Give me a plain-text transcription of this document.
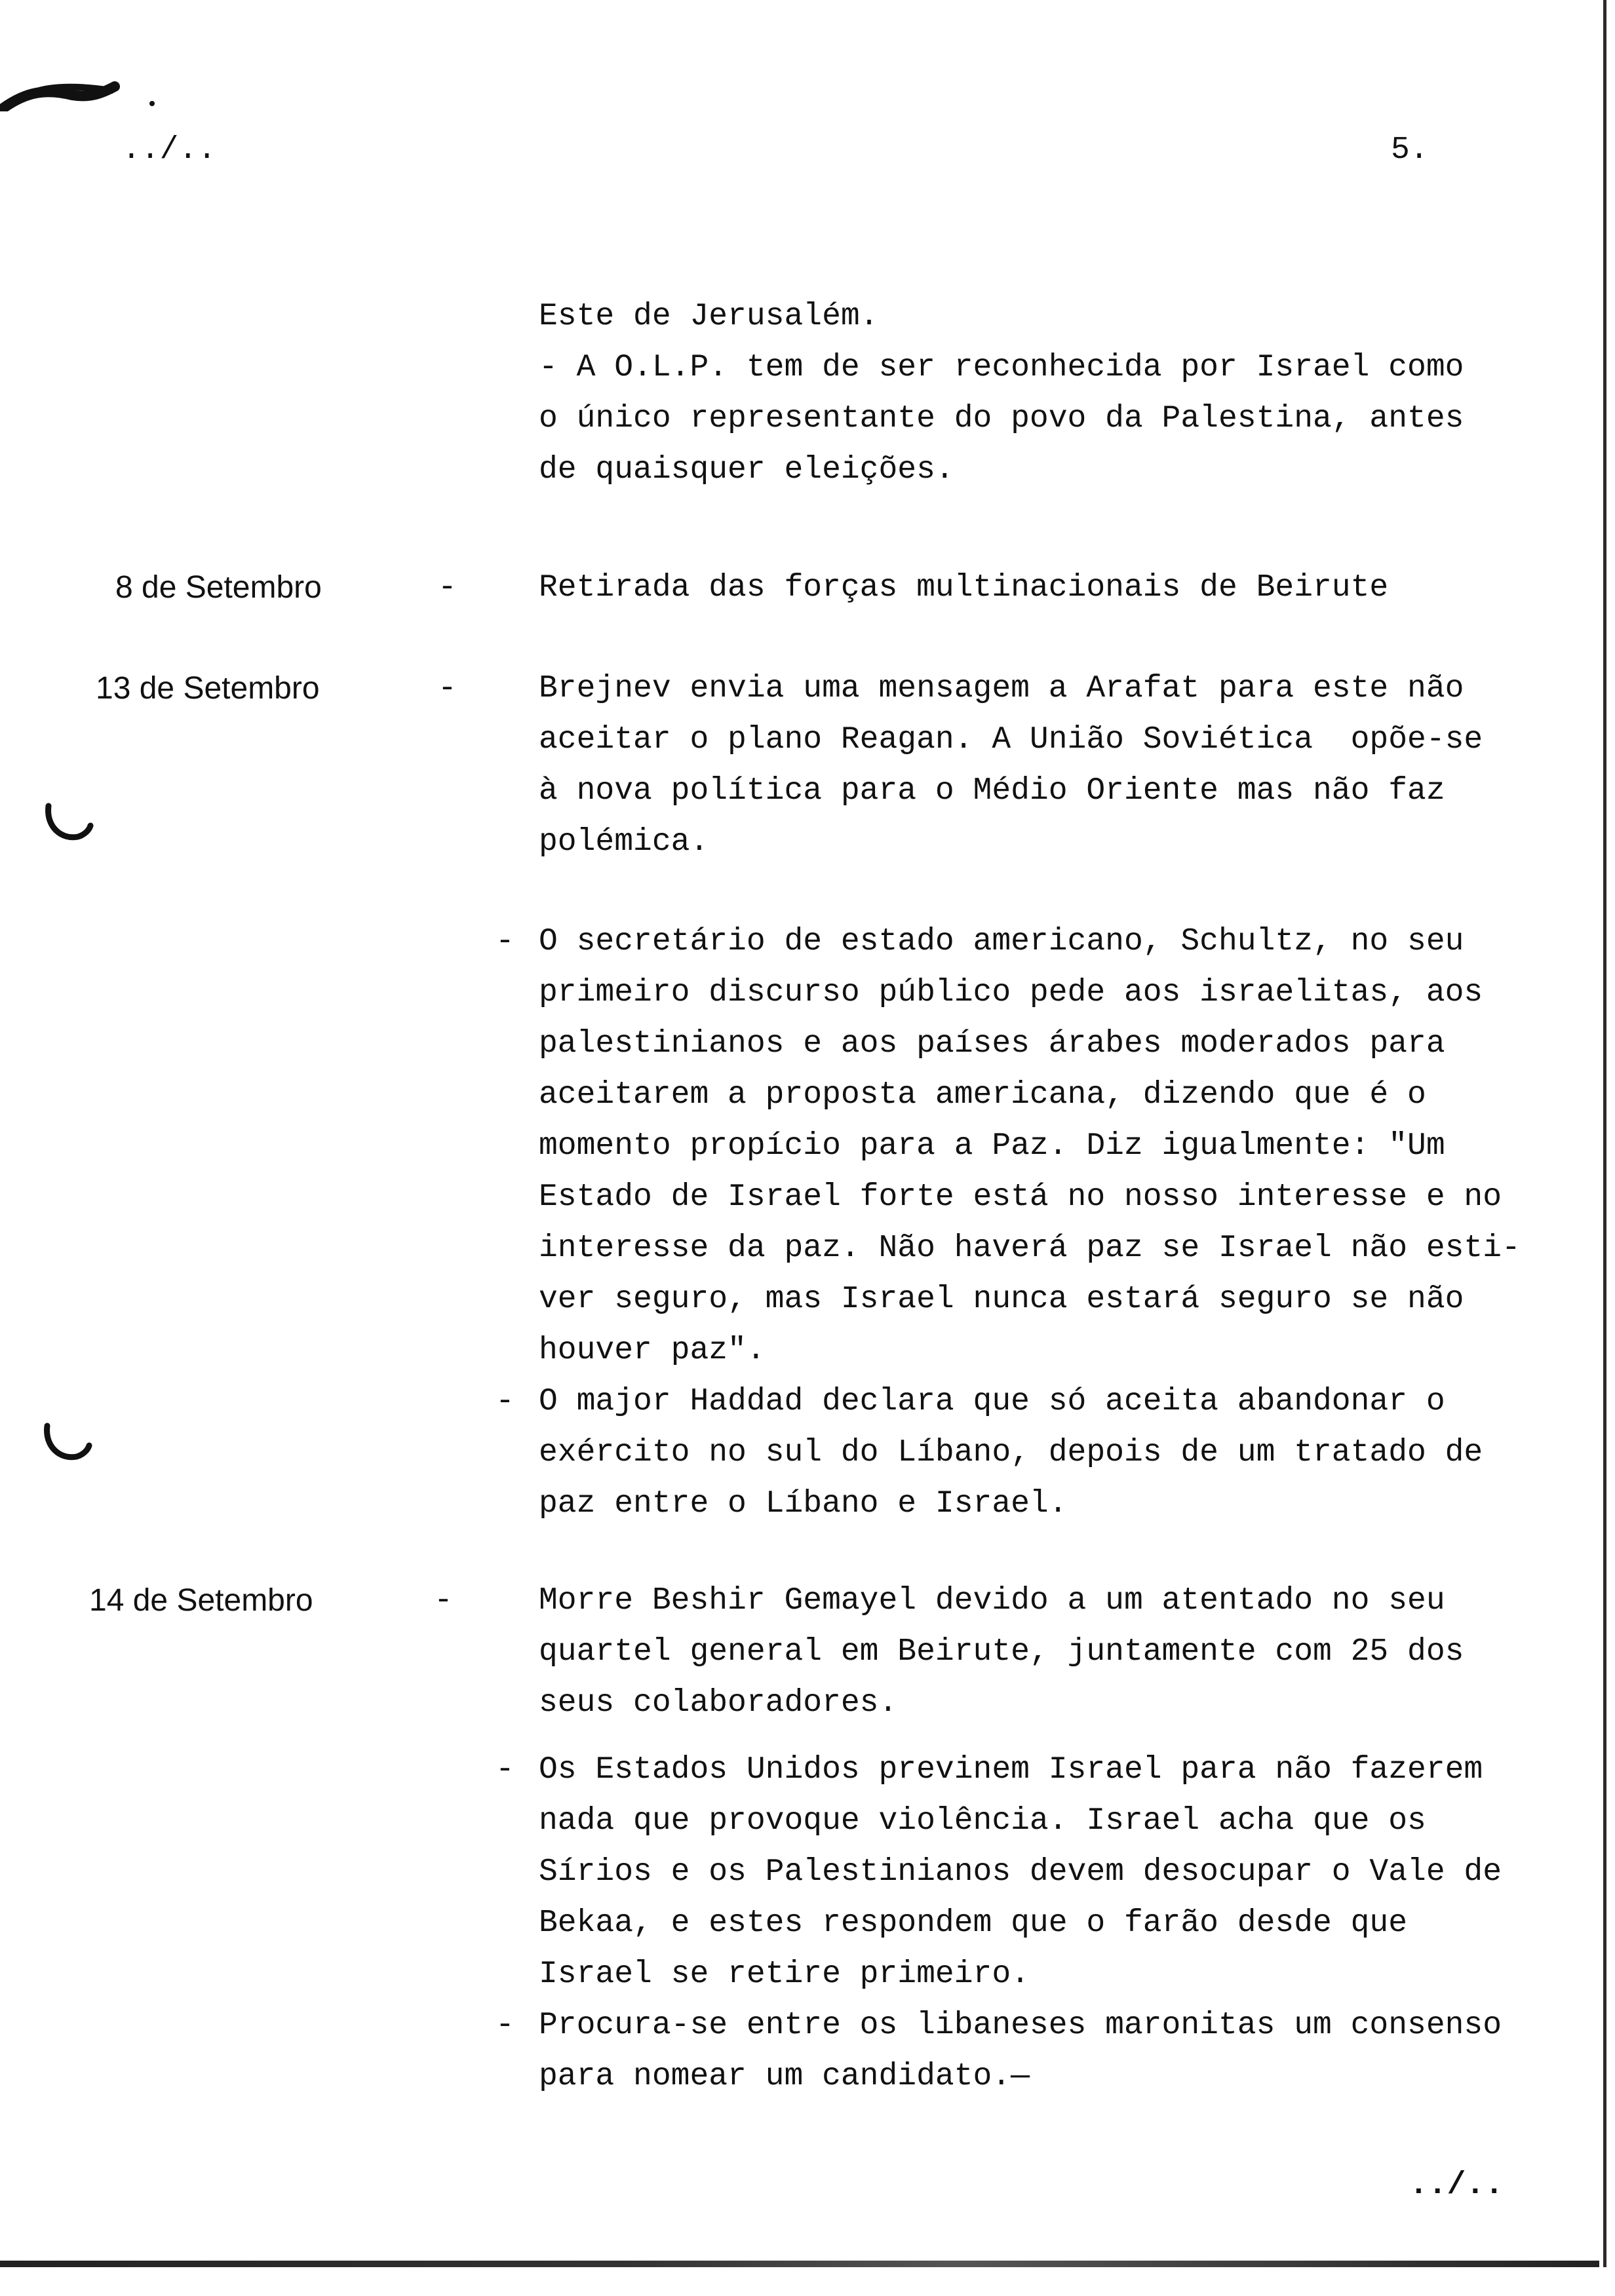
../..	5.
Este de Jerusalém.
- A O.L.P. tem de ser reconhecida por Israel como
o único representante do povo da Palestina, antes
de quaisquer eleições.
8 de Setembro	-	Retirada das forças multinacionais de Beirute
13 de Setembro	-	Brejnev envia uma mensagem a Arafat para este não
aceitar o plano Reagan. A União Soviética  opõe-se
à nova política para o Médio Oriente mas não faz
polémica.
- O secretário de estado americano, Schultz, no seu
primeiro discurso público pede aos israelitas, aos
palestinianos e aos países árabes moderados para
aceitarem a proposta americana, dizendo que é o
momento propício para a Paz. Diz igualmente: "Um
Estado de Israel forte está no nosso interesse e no
interesse da paz. Não haverá paz se Israel não esti-
ver seguro, mas Israel nunca estará seguro se não
houver paz".
- O major Haddad declara que só aceita abandonar o
exército no sul do Líbano, depois de um tratado de
paz entre o Líbano e Israel.
14 de Setembro	-	Morre Beshir Gemayel devido a um atentado no seu
quartel general em Beirute, juntamente com 25 dos
seus colaboradores.
- Os Estados Unidos previnem Israel para não fazerem
nada que provoque violência. Israel acha que os
Sírios e os Palestinianos devem desocupar o Vale de
Bekaa, e estes respondem que o farão desde que
Israel se retire primeiro.
- Procura-se entre os libaneses maronitas um consenso
para nomear um candidato.—
../..
